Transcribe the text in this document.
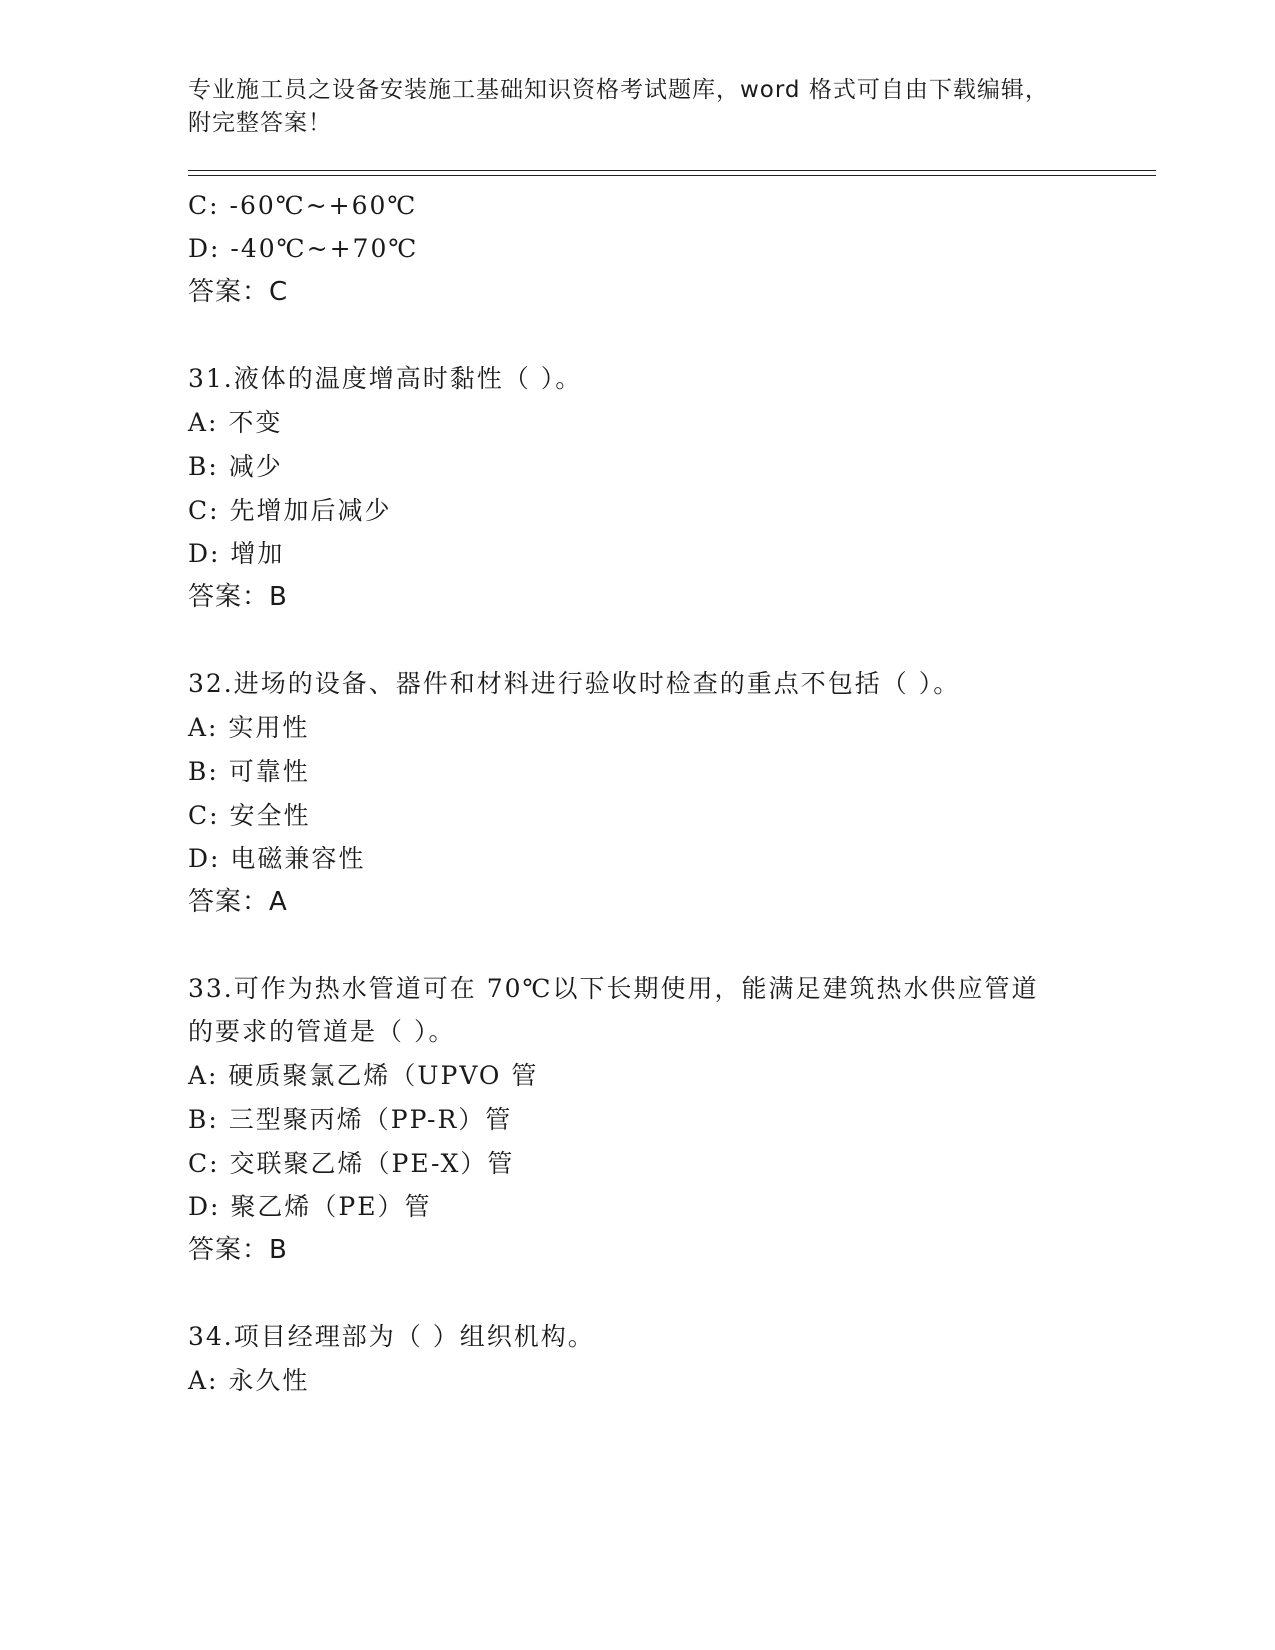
专业施工员之设备安装施工基础知识资格考试题库，word 格式可自由下载编辑，
附完整答案！
C: -60℃~+60℃
D: -40℃~+70℃
答案：C
31.液体的温度增高时黏性（ ）。
A: 不变
B: 减少
C: 先增加后减少
D: 增加
答案：B
32.进场的设备、器件和材料进行验收时检查的重点不包括（ ）。
A: 实用性
B: 可靠性
C: 安全性
D: 电磁兼容性
答案：A
33.可作为热水管道可在 70℃以下长期使用，能满足建筑热水供应管道
的要求的管道是（ ）。
A: 硬质聚氯乙烯（UPVO 管
B: 三型聚丙烯（PP-R）管
C: 交联聚乙烯（PE-X）管
D: 聚乙烯（PE）管
答案：B
34.项目经理部为（ ）组织机构。
A: 永久性
